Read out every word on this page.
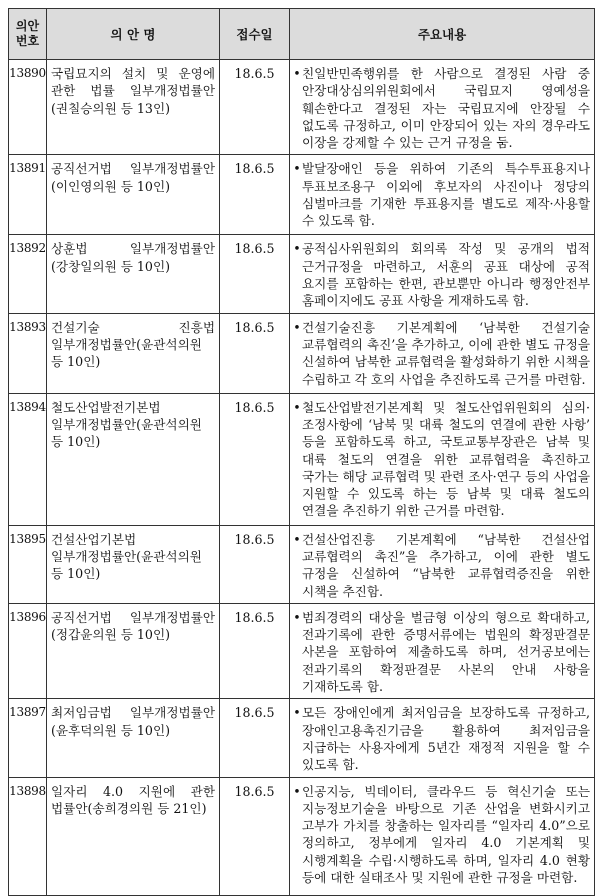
의안
번호	의 안 명	접수일	주요내용
13890	국립묘지의 설치 및 운영에 관한 법률 일부개정법률안(권칠승의원 등 13인)	18.6.5	•친일반민족행위를 한 사람으로 결정된 사람 중 안장대상심의위원회에서 국립묘지 영예성을 훼손한다고 결정된 자는 국립묘지에 안장될 수 없도록 규정하고, 이미 안장되어 있는 자의 경우라도 이장을 강제할 수 있는 근거 규정을 둠.

13891	공직선거법 일부개정법률안(이인영의원 등 10인)	18.6.5	•발달장애인 등을 위하여 기존의 특수투표용지나 투표보조용구 이외에 후보자의 사진이나 정당의 심벌마크를 기재한 투표용지를 별도로 제작·사용할 수 있도록 함.

13892	상훈법 일부개정법률안(강창일의원 등 10인)	18.6.5	•공적심사위원회의 회의록 작성 및 공개의 법적 근거규정을 마련하고, 서훈의 공표 대상에 공적 요지를 포함하는 한편, 관보뿐만 아니라 행정안전부 홈페이지에도 공표 사항을 게재하도록 함.

13893	건설기술 진흥법 일부개정법률안(윤관석의원 등 10인)	18.6.5	•건설기술진흥 기본계획에 ‘남북한 건설기술 교류협력의 촉진’을 추가하고, 이에 관한 별도 규정을 신설하여 남북한 교류협력을 활성화하기 위한 시책을 수립하고 각 호의 사업을 추진하도록 근거를 마련함.

13894	철도산업발전기본법 일부개정법률안(윤관석의원 등 10인)	18.6.5	•철도산업발전기본계획 및 철도산업위원회의 심의·조정사항에 ‘남북 및 대륙 철도의 연결에 관한 사항’ 등을 포함하도록 하고, 국토교통부장관은 남북 및 대륙 철도의 연결을 위한 교류협력을 촉진하고 국가는 해당 교류협력 및 관련 조사·연구 등의 사업을 지원할 수 있도록 하는 등 남북 및 대륙 철도의 연결을 추진하기 위한 근거를 마련함.

13895	건설산업기본법 일부개정법률안(윤관석의원 등 10인)	18.6.5	•건설산업진흥 기본계획에 “남북한 건설산업 교류협력의 촉진”을 추가하고, 이에 관한 별도 규정을 신설하여 “남북한 교류협력증진을 위한 시책을 추진함.

13896	공직선거법 일부개정법률안(정갑윤의원 등 10인)	18.6.5	•범죄경력의 대상을 벌금형 이상의 형으로 확대하고, 전과기록에 관한 증명서류에는 법원의 확정판결문 사본을 포함하여 제출하도록 하며, 선거공보에는 전과기록의 확정판결문 사본의 안내 사항을 기재하도록 함.

13897	최저임금법 일부개정법률안(윤후덕의원 등 10인)	18.6.5	•모든 장애인에게 최저임금을 보장하도록 규정하고, 장애인고용촉진기금을 활용하여 최저임금을 지급하는 사용자에게 5년간 재정적 지원을 할 수 있도록 함.

13898	일자리 4.0 지원에 관한 법률안(송희경의원 등 21인)	18.6.5	•인공지능, 빅데이터, 클라우드 등 혁신기술 또는 지능정보기술을 바탕으로 기존 산업을 변화시키고 고부가 가치를 창출하는 일자리를 “일자리 4.0”으로 정의하고, 정부에게 일자리 4.0 기본계획 및 시행계획을 수립·시행하도록 하며, 일자리 4.0 현황 등에 대한 실태조사 및 지원에 관한 규정을 마련함.
